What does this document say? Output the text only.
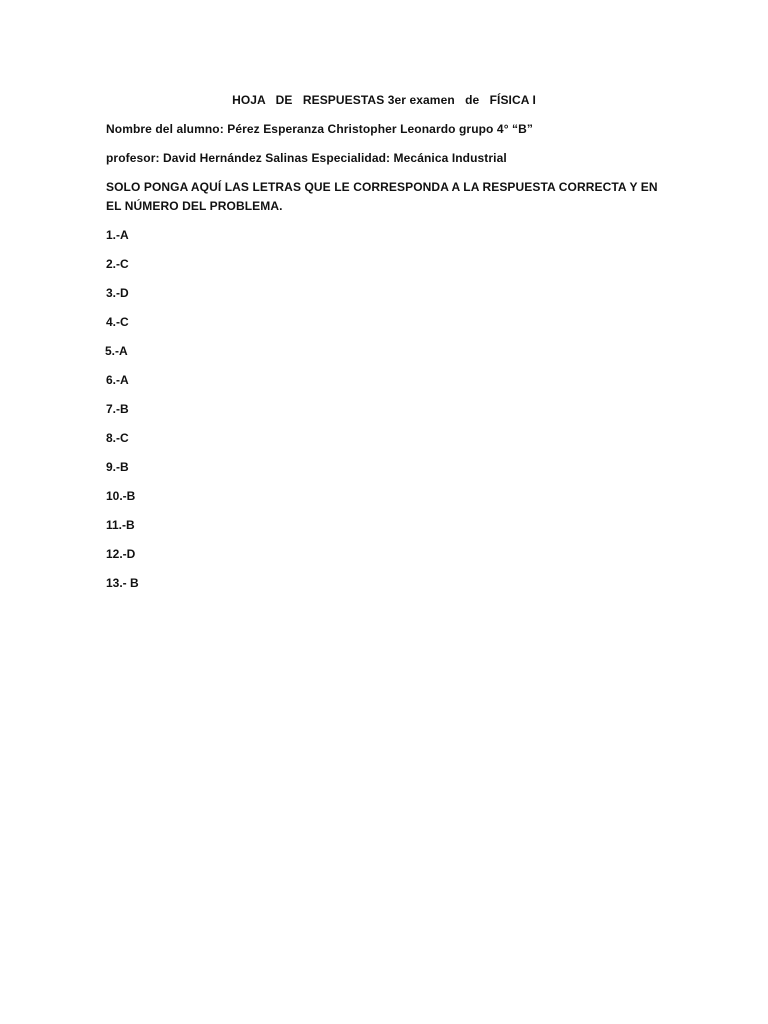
HOJA   DE   RESPUESTAS 3er examen   de   FÍSICA I
Nombre del alumno: Pérez Esperanza Christopher Leonardo grupo 4° “B”
profesor: David Hernández Salinas Especialidad: Mecánica Industrial
SOLO PONGA AQUÍ LAS LETRAS QUE LE CORRESPONDA A LA RESPUESTA CORRECTA Y EN EL NÚMERO DEL PROBLEMA.
1.-A
2.-C
3.-D
4.-C
5.-A
6.-A
7.-B
8.-C
9.-B
10.-B
11.-B
12.-D
13.- B
